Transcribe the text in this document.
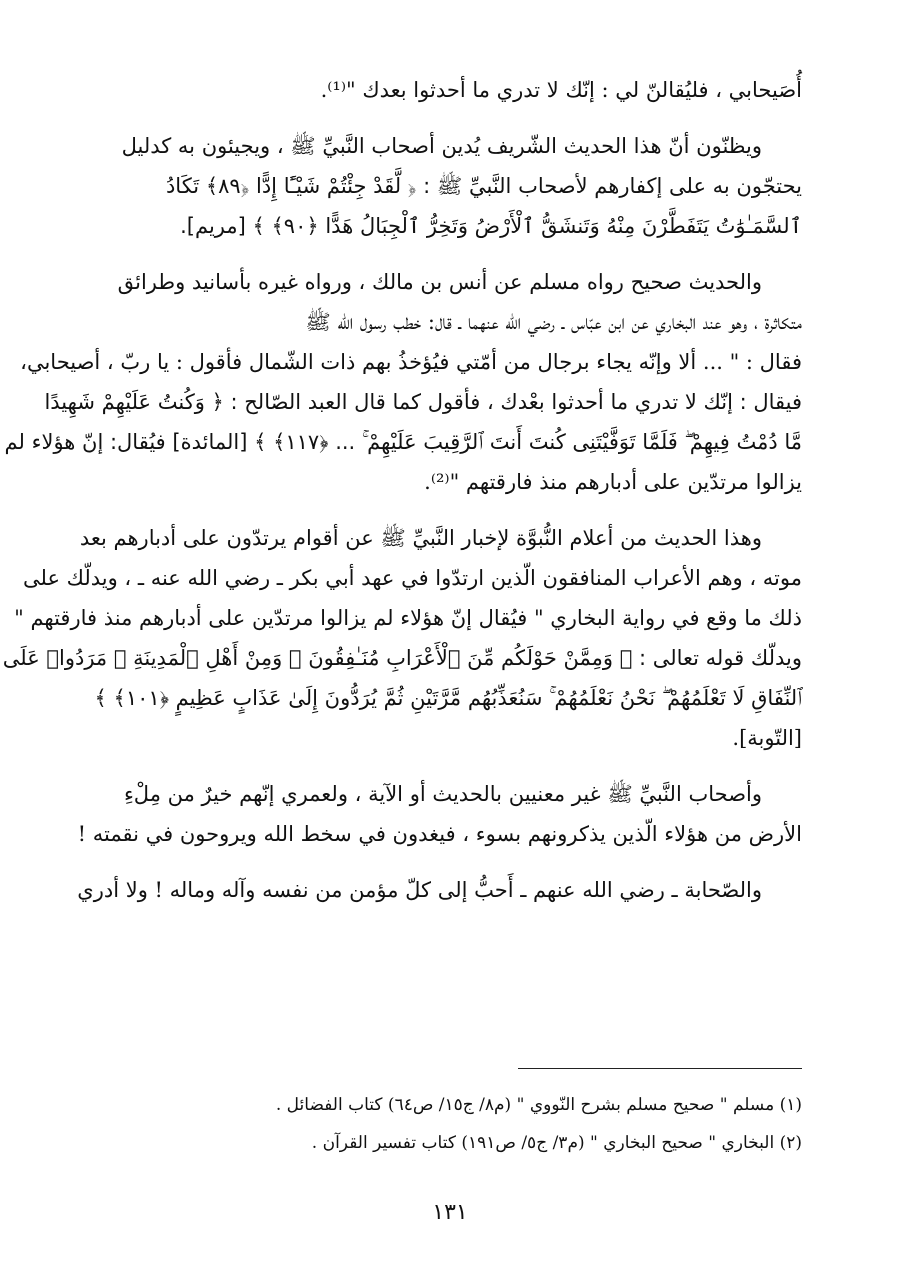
أُصَيحابي ، فليُقالنّ لي : إنّك لا تدري ما أحدثوا بعدك "⁽¹⁾.
ويظنّون أنّ هذا الحديث الشّريف يُدين أصحاب النَّبيِّ ﷺ ، ويجيئون به كدليل
يحتجّون به على إكفارهم لأصحاب النَّبيِّ ﷺ : ﴿ لَّقَدْ جِئْتُمْ شَيْـًٔا إِدًّا ﴿٨٩﴾ تَكَادُ
ٱلسَّمَـٰوَٰتُ يَتَفَطَّرْنَ مِنْهُ وَتَنشَقُّ ٱلْأَرْضُ وَتَخِرُّ ٱلْجِبَالُ هَدًّا ﴿٩٠﴾ ﴾ [مريم].
والحديث صحيح رواه مسلم عن أنس بن مالك ، ورواه غيره بأسانيد وطرائق
متكاثرة ، وهو عند البخاري عن ابن عبّاس ـ رضي الله عنهما ـ قال: خطب رسول الله ﷺ
فقال : " ... ألا وإنّه يجاء برجال من أمّتي فيُؤخذُ بهم ذات الشّمال فأقول : يا ربّ ، أصيحابي،
فيقال : إنّك لا تدري ما أحدثوا بعْدك ، فأقول كما قال العبد الصّالح : ﴿ وَكُنتُ عَلَيْهِمْ شَهِيدًا
مَّا دُمْتُ فِيهِمْ ۖ فَلَمَّا تَوَفَّيْتَنِى كُنتَ أَنتَ ٱلرَّقِيبَ عَلَيْهِمْ ۚ ... ﴿١١٧﴾ ﴾ [المائدة] فيُقال: إنّ هؤلاء لم
يزالوا مرتدّين على أدبارهم منذ فارقتهم "⁽²⁾.
وهذا الحديث من أعلام النُّبوَّة لإخبار النَّبيِّ ﷺ عن أقوام يرتدّون على أدبارهم بعد
موته ، وهم الأعراب المنافقون الّذين ارتدّوا في عهد أبي بكر ـ رضي الله عنه ـ ، ويدلّك على
ذلك ما وقع في رواية البخاري " فيُقال إنّ هؤلاء لم يزالوا مرتدّين على أدبارهم منذ فارقتهم "
ويدلّك قوله تعالى : ﴿ وَمِمَّنْ حَوْلَكُم مِّنَ ٱلْأَعْرَابِ مُنَـٰفِقُونَ ۖ وَمِنْ أَهْلِ ٱلْمَدِينَةِ ۖ مَرَدُوا۟ عَلَى
ٱلنِّفَاقِ لَا تَعْلَمُهُمْ ۖ نَحْنُ نَعْلَمُهُمْ ۚ سَنُعَذِّبُهُم مَّرَّتَيْنِ ثُمَّ يُرَدُّونَ إِلَىٰ عَذَابٍ عَظِيمٍ ﴿١٠١﴾ ﴾
[التّوبة].
وأصحاب النَّبيِّ ﷺ غير معنيين بالحديث أو الآية ، ولعمري إنّهم خيرٌ من مِلْءِ
الأرض من هؤلاء الّذين يذكرونهم بسوء ، فيغدون في سخط الله ويروحون في نقمته !
والصّحابة ـ رضي الله عنهم ـ أَحبُّ إلى كلّ مؤمن من نفسه وآله وماله ! ولا أدري
(١) مسلم " صحيح مسلم بشرح النّووي " (م٨/ ج١٥/ ص٦٤) كتاب الفضائل .
(٢) البخاري " صحيح البخاري " (م٣/ ج٥/ ص١٩١) كتاب تفسير القرآن .
١٣١
